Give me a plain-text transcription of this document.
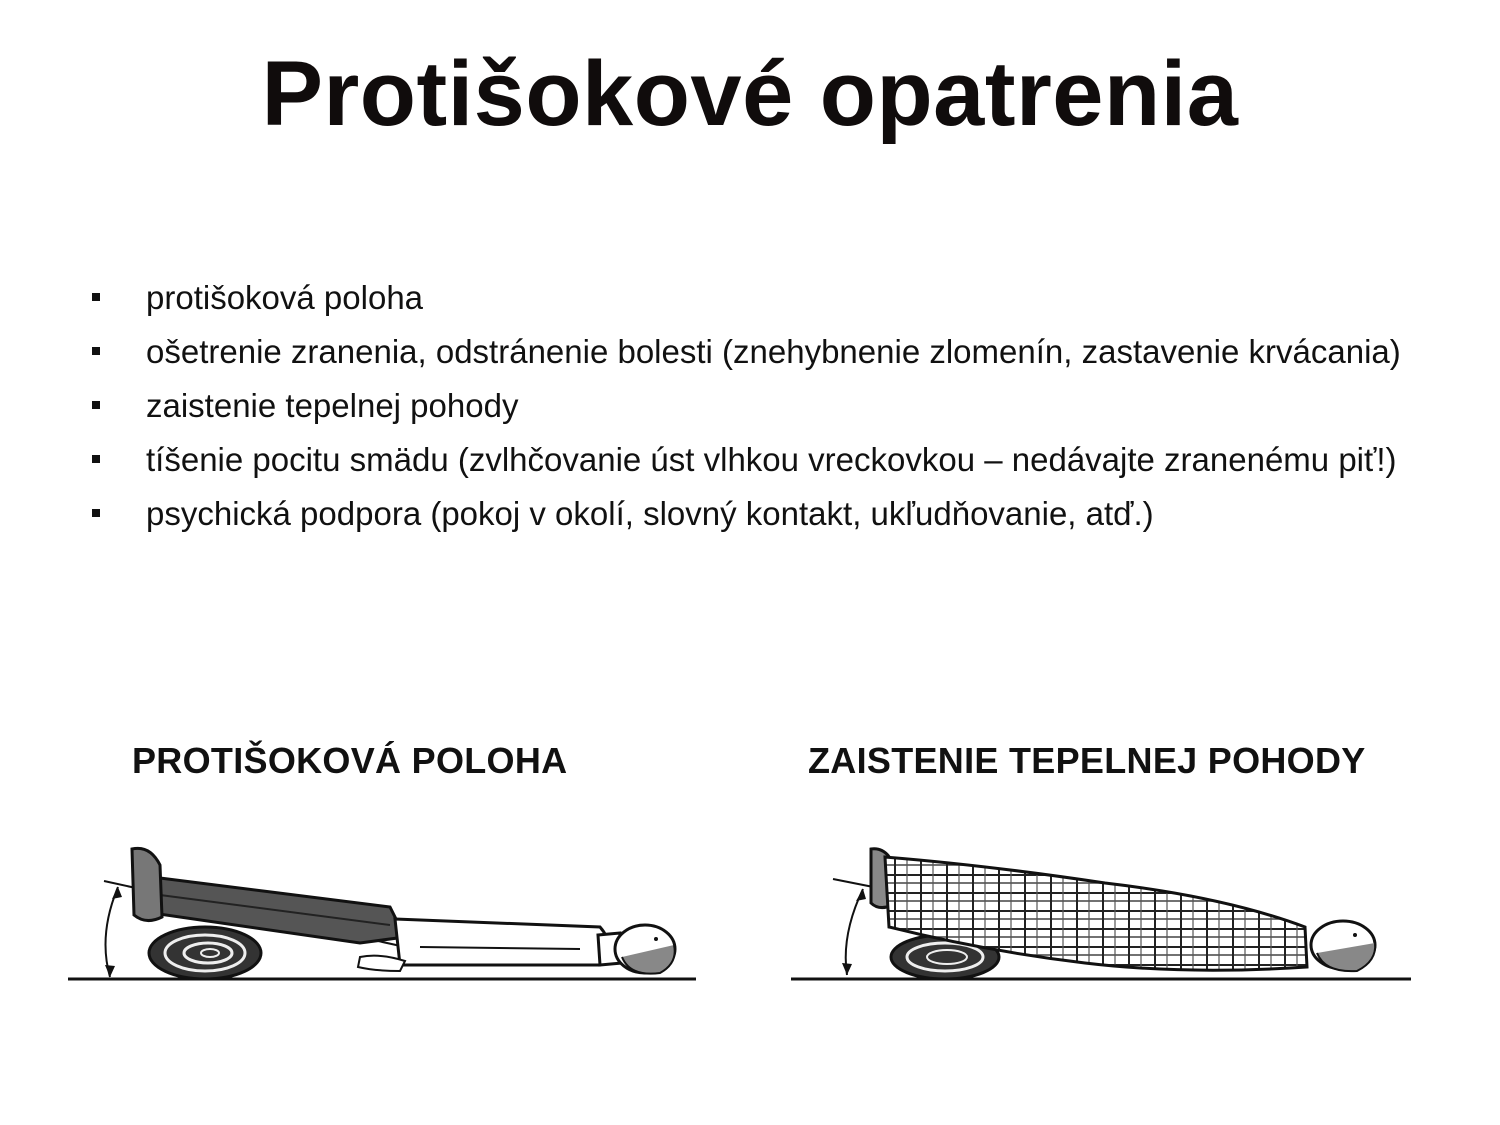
Protišokové opatrenia
protišoková poloha
ošetrenie zranenia, odstránenie bolesti (znehybnenie zlomenín, zastavenie krvácania)
zaistenie tepelnej pohody
tíšenie pocitu smädu (zvlhčovanie úst vlhkou vreckovkou – nedávajte zranenému piť!)
psychická podpora (pokoj v okolí, slovný kontakt, ukľudňovanie, atď.)
PROTIŠOKOVÁ POLOHA	ZAISTENIE TEPELNEJ POHODY
